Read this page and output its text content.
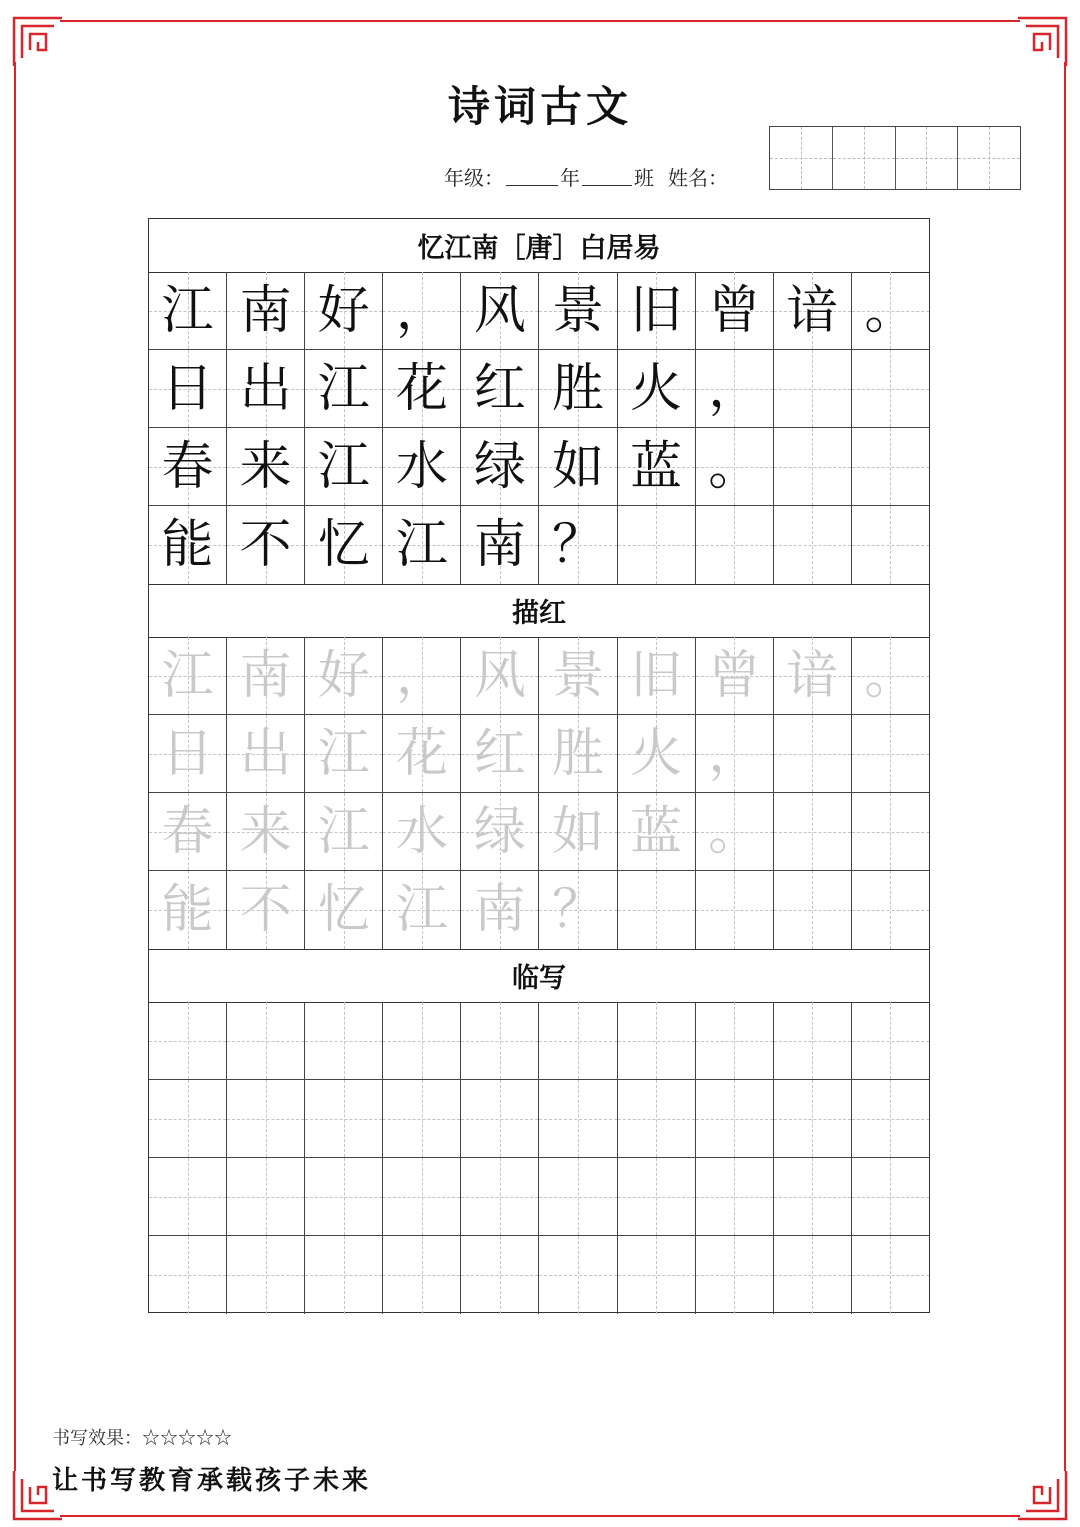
诗词古文
年级：	年	班 姓名：
忆江南［唐］白居易
江 南 好 ， 风 景 旧 曾 谙 。
日 出 江 花 红 胜 火 ，
春 来 江 水 绿 如 蓝 。
能 不 忆 江 南 ？
描红
江 南 好 ， 风 景 旧 曾 谙 。
日 出 江 花 红 胜 火 ，
春 来 江 水 绿 如 蓝 。
能 不 忆 江 南 ？
临写
书写效果：☆☆☆☆☆
让书写教育承载孩子未来
